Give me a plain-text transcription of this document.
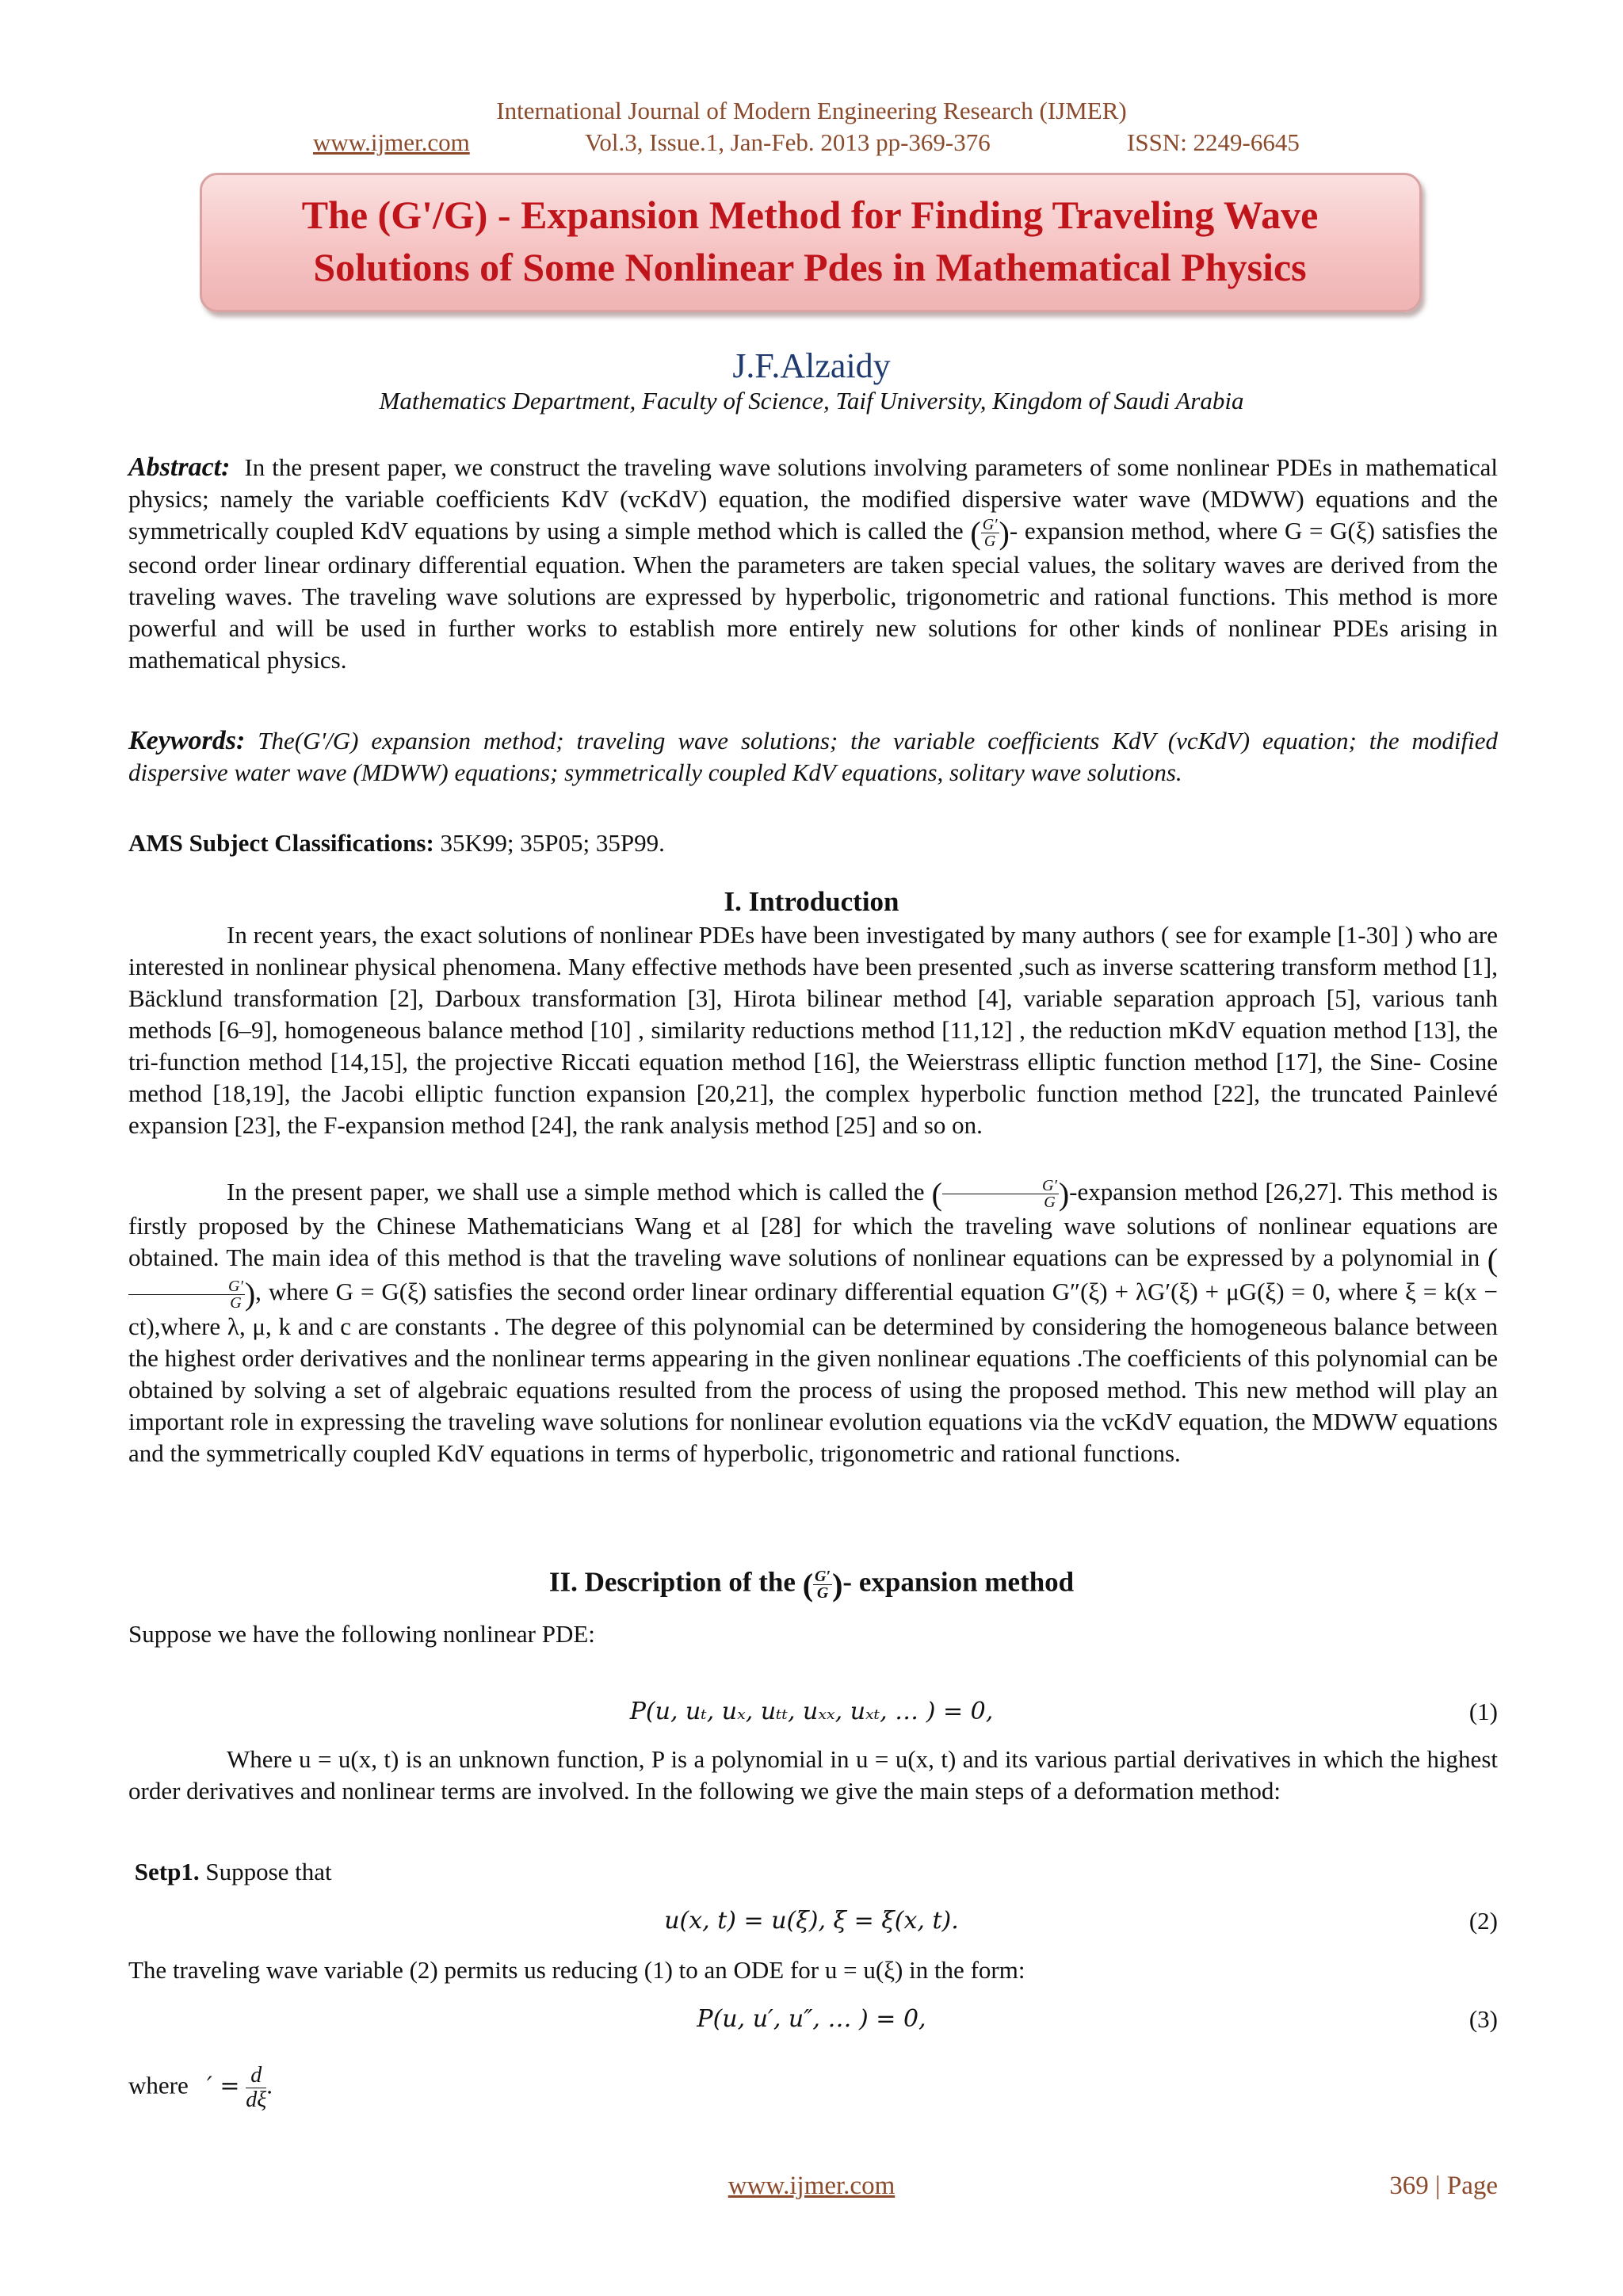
International Journal of Modern Engineering Research (IJMER)
www.ijmer.com	Vol.3, Issue.1, Jan-Feb. 2013 pp-369-376	ISSN: 2249-6645
The (G'/G) - Expansion Method for Finding Traveling Wave
Solutions of Some Nonlinear Pdes in Mathematical Physics
J.F.Alzaidy
Mathematics Department, Faculty of Science, Taif University, Kingdom of Saudi Arabia
Abstract: In the present paper, we construct the traveling wave solutions involving parameters of some nonlinear PDEs in mathematical physics; namely the variable coefficients KdV (vcKdV) equation, the modified dispersive water wave (MDWW) equations and the symmetrically coupled KdV equations by using a simple method which is called the ( $\frac{G'}{G}$ )- expansion method, where G = G(ξ) satisfies the second order linear ordinary differential equation. When the parameters are taken special values, the solitary waves are derived from the traveling waves. The traveling wave solutions are expressed by hyperbolic, trigonometric and rational functions. This method is more powerful and will be used in further works to establish more entirely new solutions for other kinds of nonlinear PDEs arising in mathematical physics.
Keywords: The(G'/G) expansion method; traveling wave solutions; the variable coefficients KdV (vcKdV) equation; the modified dispersive water wave (MDWW) equations; symmetrically coupled KdV equations, solitary wave solutions.
AMS Subject Classifications: 35K99; 35P05; 35P99.
I. Introduction
In recent years, the exact solutions of nonlinear PDEs have been investigated by many authors ( see for example [1-30] ) who are interested in nonlinear physical phenomena. Many effective methods have been presented ,such as inverse scattering transform method [1], Bäcklund transformation [2], Darboux transformation [3], Hirota bilinear method [4], variable separation approach [5], various tanh methods [6–9], homogeneous balance method [10] , similarity reductions method [11,12] , the reduction mKdV equation method [13], the tri-function method [14,15], the projective Riccati equation method [16], the Weierstrass elliptic function method [17], the Sine- Cosine method [18,19], the Jacobi elliptic function expansion [20,21], the complex hyperbolic function method [22], the truncated Painlevé expansion [23], the F-expansion method [24], the rank analysis method [25] and so on.
In the present paper, we shall use a simple method which is called the ( $\frac{G'}{G}$ )-expansion method [26,27]. This method is firstly proposed by the Chinese Mathematicians Wang et al [28] for which the traveling wave solutions of nonlinear equations are obtained. The main idea of this method is that the traveling wave solutions of nonlinear equations can be expressed by a polynomial in (
$\frac{G'}{G}$ ), where G = G(ξ) satisfies the second order linear ordinary differential equation G″(ξ) + λG′(ξ) + μG(ξ) = 0, where ξ = k(x − ct),where λ, μ, k and c are constants . The degree of this polynomial can be determined by considering the homogeneous balance between the highest order derivatives and the nonlinear terms appearing in the given nonlinear equations .The coefficients of this polynomial can be obtained by solving a set of algebraic equations resulted from the process of using the proposed method. This new method will play an important role in expressing the traveling wave solutions for nonlinear evolution equations via the vcKdV equation, the MDWW equations and the symmetrically coupled KdV equations in terms of hyperbolic, trigonometric and rational functions.
II. Description of the ( $\frac{G'}{G}$ )- expansion method
Suppose we have the following nonlinear PDE:
P(u, uₜ, uₓ, uₜₜ, uₓₓ, uₓₜ, … ) = 0,	(1)
Where u = u(x, t) is an unknown function, P is a polynomial in u = u(x, t) and its various partial derivatives in which the highest order derivatives and nonlinear terms are involved. In the following we give the main steps of a deformation method:
Setp1. Suppose that
u(x, t) = u(ξ), ξ = ξ(x, t).	(2)
The traveling wave variable (2) permits us reducing (1) to an ODE for u = u(ξ) in the form:
P(u, u′, u″, … ) = 0,	(3)
where ′ = $\frac{d}{d\xi}$ .
www.ijmer.com	369 | Page
